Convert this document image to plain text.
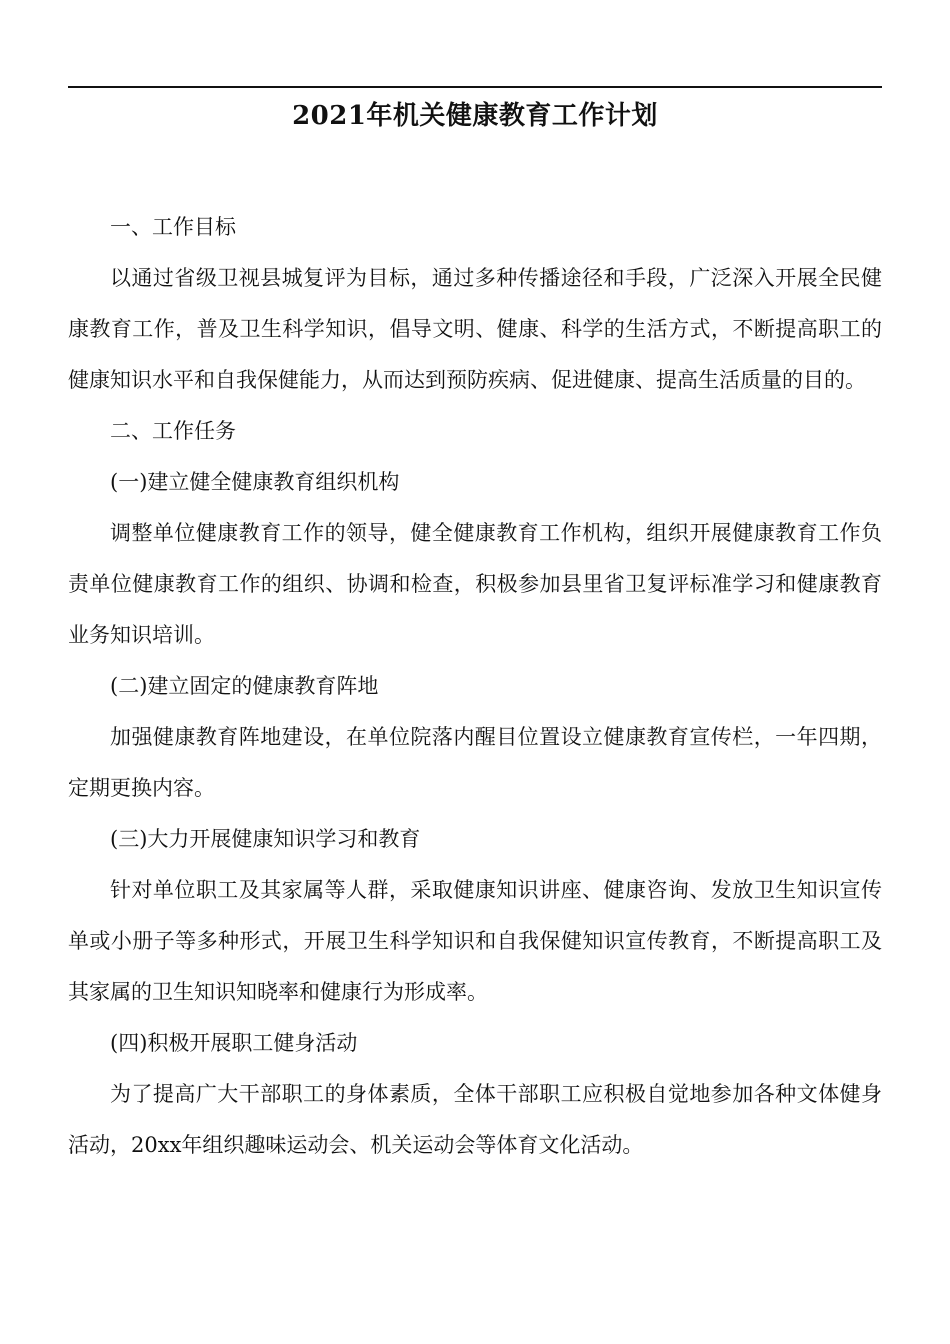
2021年机关健康教育工作计划

一、工作目标

以通过省级卫视县城复评为目标，通过多种传播途径和手段，广泛深入开展全民健康教育工作，普及卫生科学知识，倡导文明、健康、科学的生活方式，不断提高职工的健康知识水平和自我保健能力，从而达到预防疾病、促进健康、提高生活质量的目的。

二、工作任务

(一)建立健全健康教育组织机构

调整单位健康教育工作的领导，健全健康教育工作机构，组织开展健康教育工作负责单位健康教育工作的组织、协调和检查，积极参加县里省卫复评标准学习和健康教育业务知识培训。

(二)建立固定的健康教育阵地

加强健康教育阵地建设，在单位院落内醒目位置设立健康教育宣传栏，一年四期，定期更换内容。

(三)大力开展健康知识学习和教育

针对单位职工及其家属等人群，采取健康知识讲座、健康咨询、发放卫生知识宣传单或小册子等多种形式，开展卫生科学知识和自我保健知识宣传教育，不断提高职工及其家属的卫生知识知晓率和健康行为形成率。

(四)积极开展职工健身活动

为了提高广大干部职工的身体素质，全体干部职工应积极自觉地参加各种文体健身活动，20xx年组织趣味运动会、机关运动会等体育文化活动。
